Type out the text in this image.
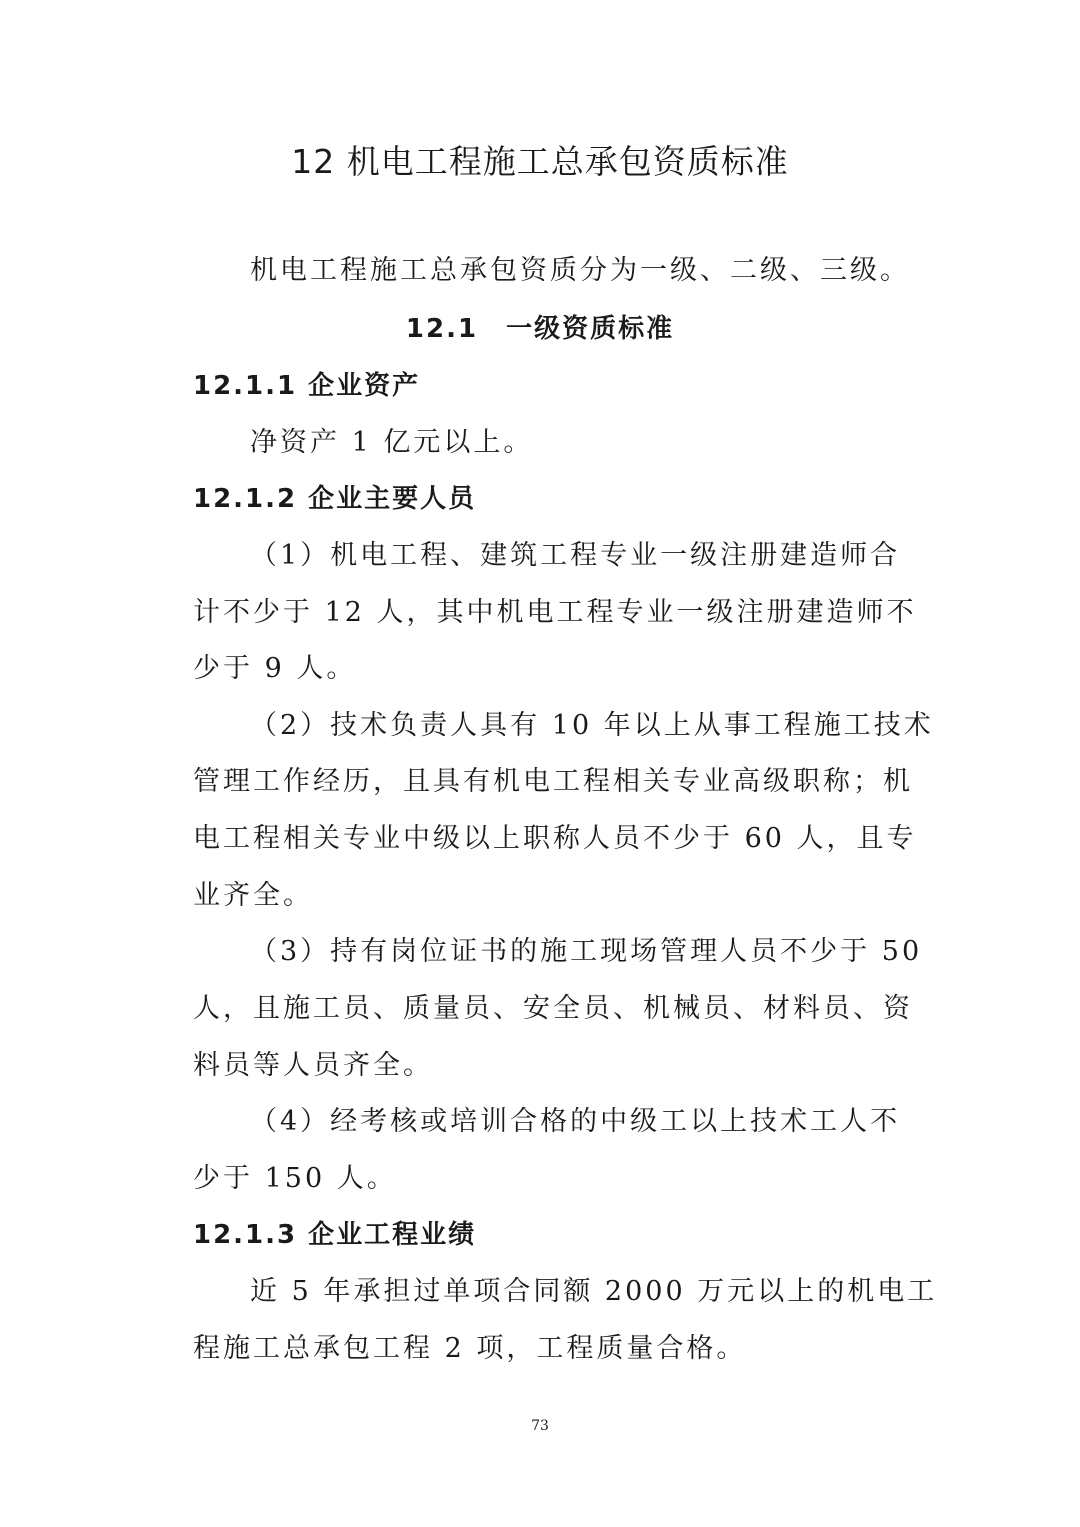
12 机电工程施工总承包资质标准
机电工程施工总承包资质分为一级、二级、三级。
12.1　一级资质标准
12.1.1 企业资产
净资产 1 亿元以上。
12.1.2 企业主要人员
（1）机电工程、建筑工程专业一级注册建造师合
计不少于 12 人，其中机电工程专业一级注册建造师不
少于 9 人。
（2）技术负责人具有 10 年以上从事工程施工技术
管理工作经历，且具有机电工程相关专业高级职称；机
电工程相关专业中级以上职称人员不少于 60 人，且专
业齐全。
（3）持有岗位证书的施工现场管理人员不少于 50
人，且施工员、质量员、安全员、机械员、材料员、资
料员等人员齐全。
（4）经考核或培训合格的中级工以上技术工人不
少于 150 人。
12.1.3 企业工程业绩
近 5 年承担过单项合同额 2000 万元以上的机电工
程施工总承包工程 2 项，工程质量合格。
73
